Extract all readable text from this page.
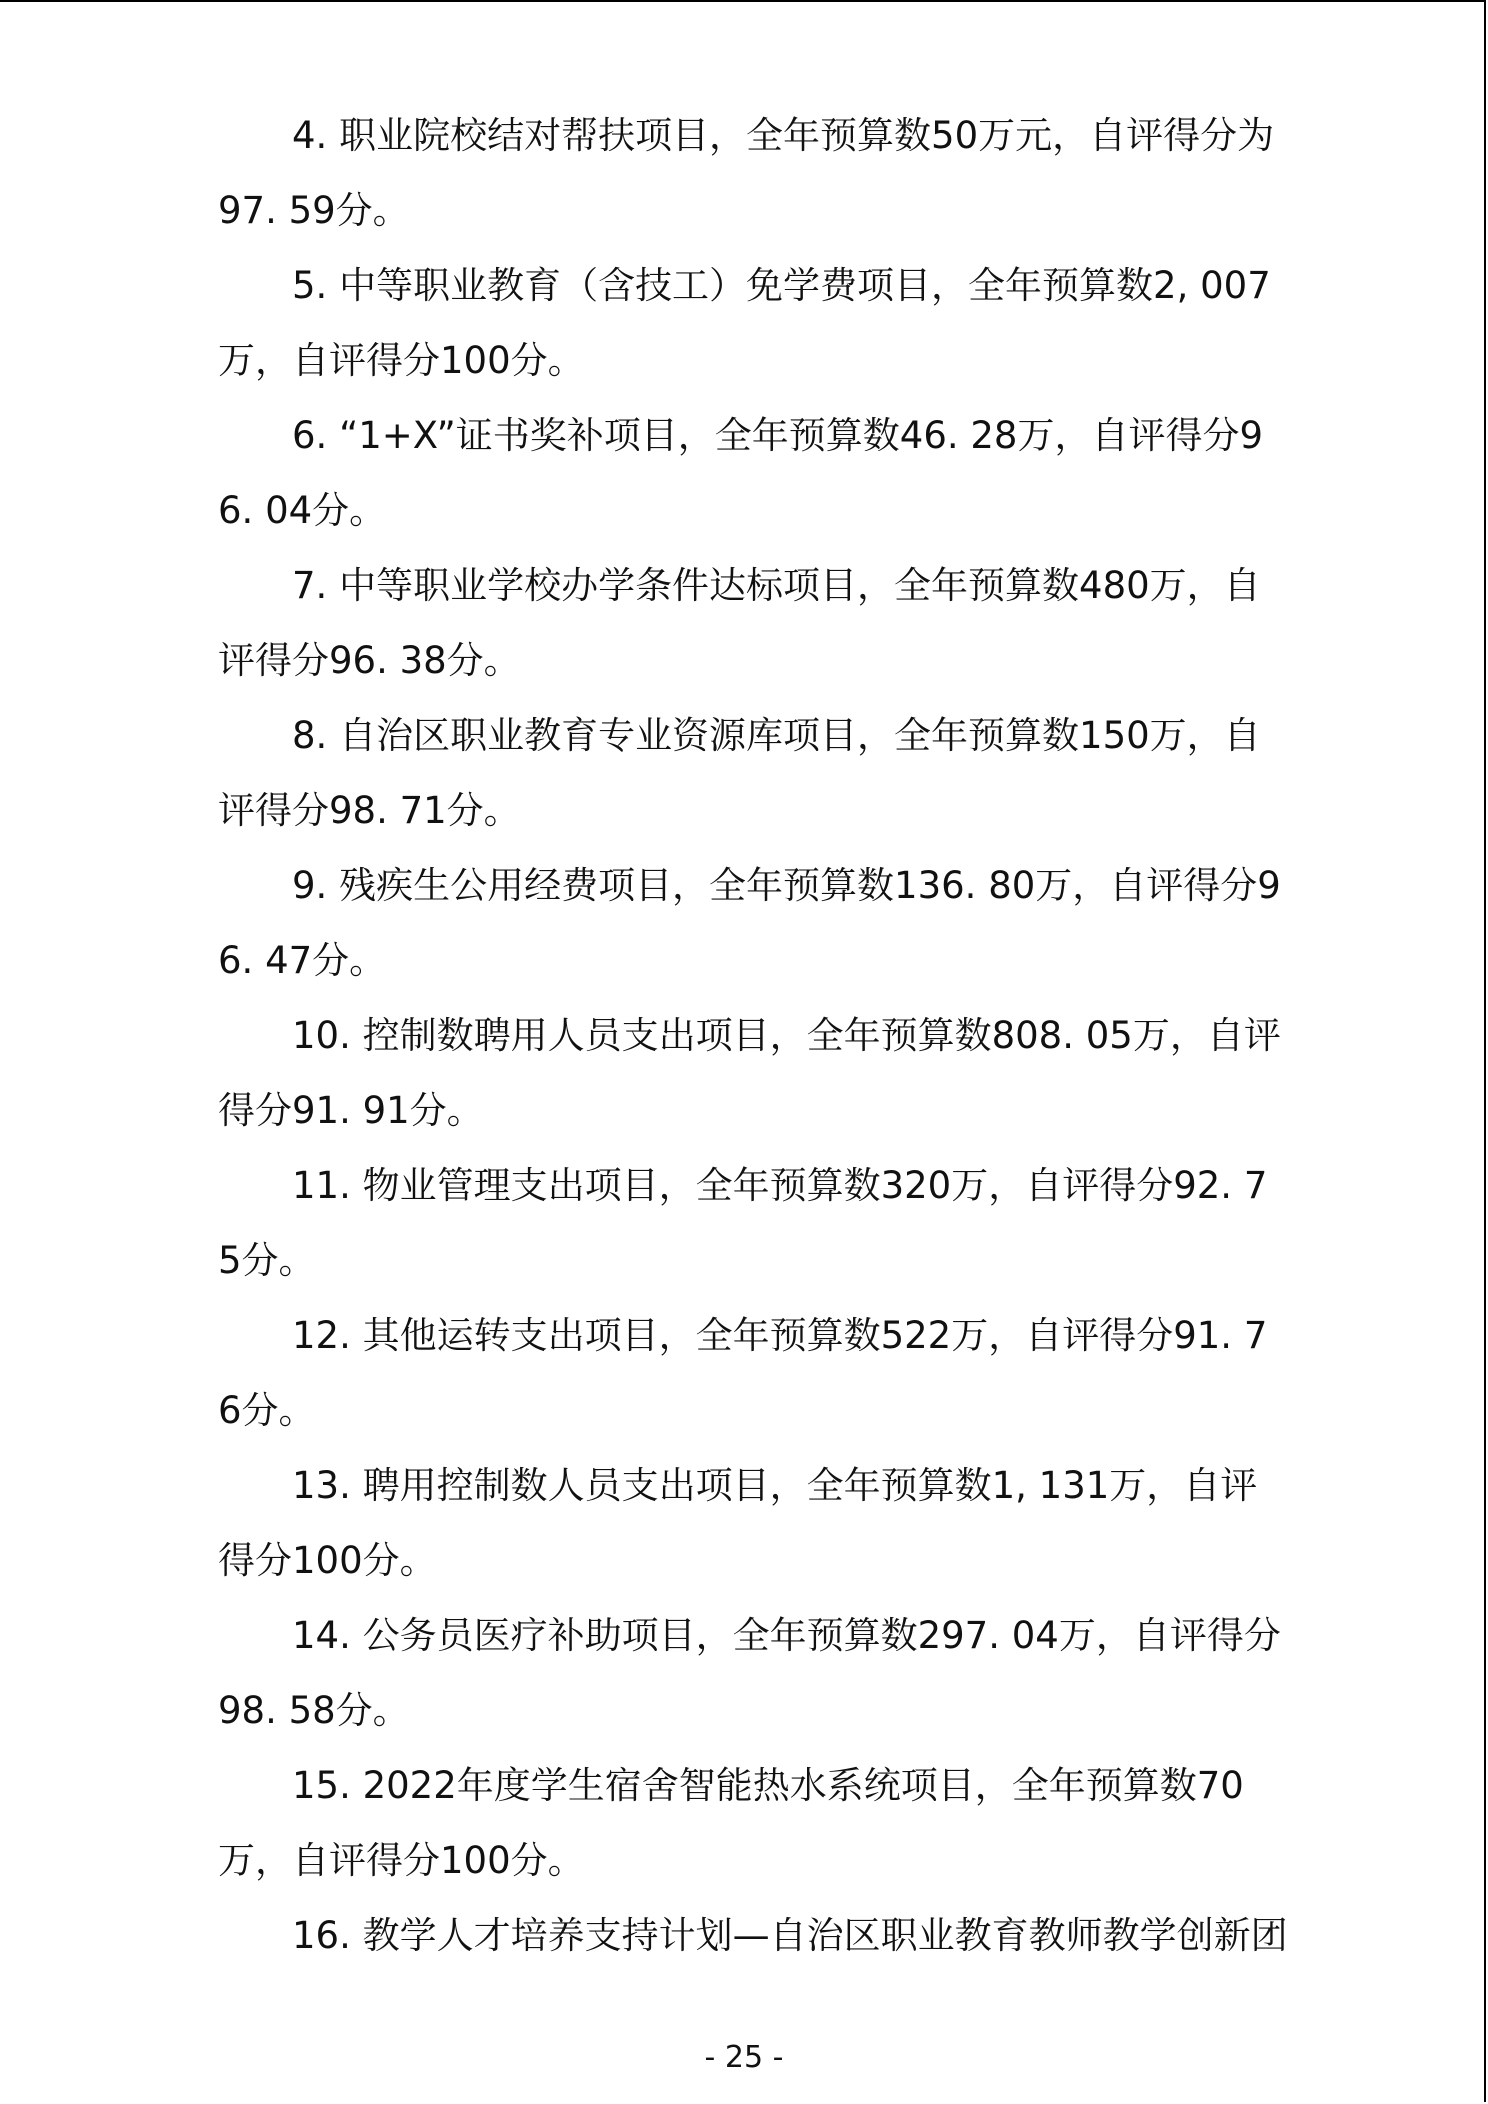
4. 职业院校结对帮扶项目，全年预算数50万元，自评得分为97. 59分。

5. 中等职业教育（含技工）免学费项目，全年预算数2, 007万，自评得分100分。

6. “1+X”证书奖补项目，全年预算数46. 28万，自评得分96. 04分。

7. 中等职业学校办学条件达标项目，全年预算数480万，自评得分96. 38分。

8. 自治区职业教育专业资源库项目，全年预算数150万，自评得分98. 71分。

9. 残疾生公用经费项目，全年预算数136. 80万，自评得分96. 47分。

10. 控制数聘用人员支出项目，全年预算数808. 05万，自评得分91. 91分。

11. 物业管理支出项目，全年预算数320万，自评得分92. 75分。

12. 其他运转支出项目，全年预算数522万，自评得分91. 76分。

13. 聘用控制数人员支出项目，全年预算数1, 131万，自评得分100分。

14. 公务员医疗补助项目，全年预算数297. 04万，自评得分98. 58分。

15. 2022年度学生宿舍智能热水系统项目，全年预算数70万，自评得分100分。

16. 教学人才培养支持计划—自治区职业教育教师教学创新团

- 25 -
